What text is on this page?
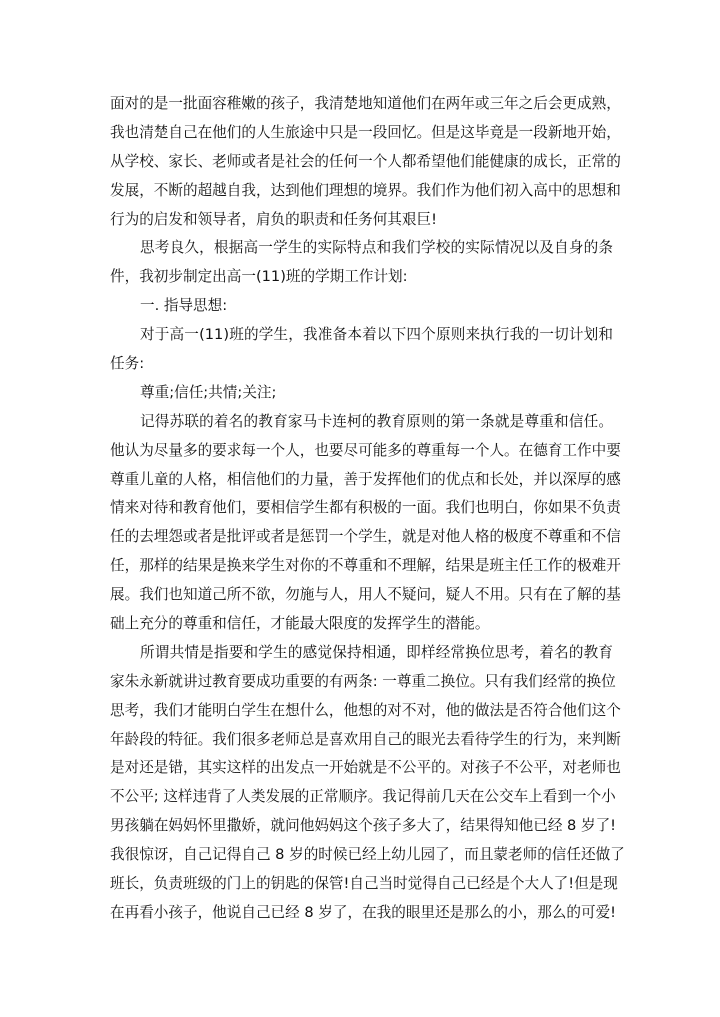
面对的是一批面容稚嫩的孩子，我清楚地知道他们在两年或三年之后会更成熟，
我也清楚自己在他们的人生旅途中只是一段回忆。但是这毕竟是一段新地开始，
从学校、家长、老师或者是社会的任何一个人都希望他们能健康的成长，正常的
发展，不断的超越自我，达到他们理想的境界。我们作为他们初入高中的思想和
行为的启发和领导者，肩负的职责和任务何其艰巨!
思考良久，根据高一学生的实际特点和我们学校的实际情况以及自身的条
件，我初步制定出高一(11)班的学期工作计划:
一. 指导思想:
对于高一(11)班的学生，我准备本着以下四个原则来执行我的一切计划和
任务:
尊重;信任;共情;关注;
记得苏联的着名的教育家马卡连柯的教育原则的第一条就是尊重和信任。
他认为尽量多的要求每一个人，也要尽可能多的尊重每一个人。在德育工作中要
尊重儿童的人格，相信他们的力量，善于发挥他们的优点和长处，并以深厚的感
情来对待和教育他们，要相信学生都有积极的一面。我们也明白，你如果不负责
任的去埋怨或者是批评或者是惩罚一个学生，就是对他人格的极度不尊重和不信
任，那样的结果是换来学生对你的不尊重和不理解，结果是班主任工作的极难开
展。我们也知道己所不欲，勿施与人，用人不疑问，疑人不用。只有在了解的基
础上充分的尊重和信任，才能最大限度的发挥学生的潜能。
所谓共情是指要和学生的感觉保持相通，即样经常换位思考，着名的教育
家朱永新就讲过教育要成功重要的有两条: 一尊重二换位。只有我们经常的换位
思考，我们才能明白学生在想什么，他想的对不对，他的做法是否符合他们这个
年龄段的特征。我们很多老师总是喜欢用自己的眼光去看待学生的行为，来判断
是对还是错，其实这样的出发点一开始就是不公平的。对孩子不公平，对老师也
不公平; 这样违背了人类发展的正常顺序。我记得前几天在公交车上看到一个小
男孩躺在妈妈怀里撒娇，就问他妈妈这个孩子多大了，结果得知他已经 8 岁了!
我很惊讶，自己记得自己 8 岁的时候已经上幼儿园了，而且蒙老师的信任还做了
班长，负责班级的门上的钥匙的保管!自己当时觉得自己已经是个大人了!但是现
在再看小孩子，他说自己已经 8 岁了，在我的眼里还是那么的小，那么的可爱!
